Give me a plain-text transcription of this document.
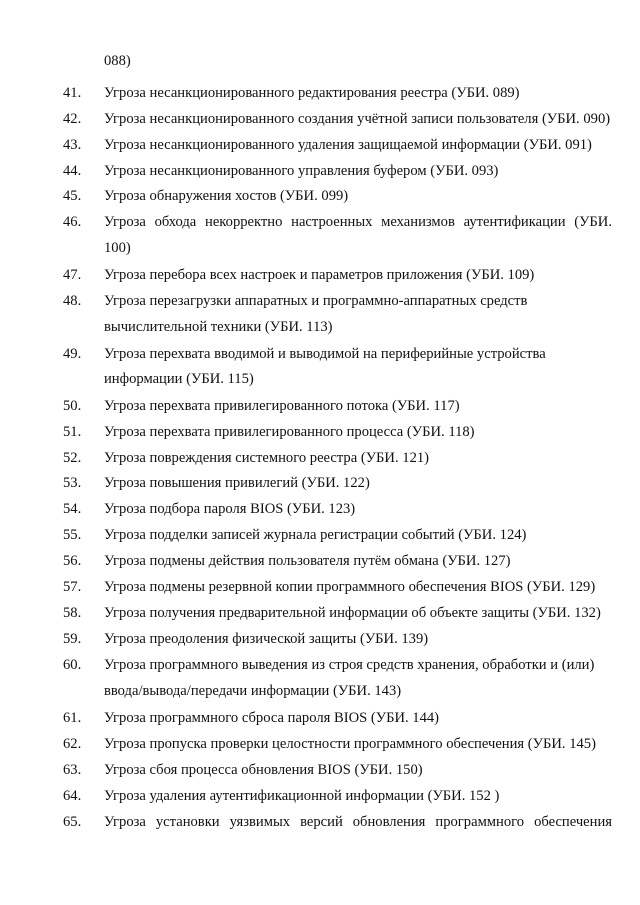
088)
41. Угроза несанкционированного редактирования реестра (УБИ. 089)
42. Угроза несанкционированного создания учётной записи пользователя (УБИ. 090)
43. Угроза несанкционированного удаления защищаемой информации (УБИ. 091)
44. Угроза несанкционированного управления буфером (УБИ. 093)
45. Угроза обнаружения хостов (УБИ. 099)
46. Угроза обхода некорректно настроенных механизмов аутентификации (УБИ.
100)
47. Угроза перебора всех настроек и параметров приложения (УБИ. 109)
48. Угроза перезагрузки аппаратных и программно-аппаратных средств
вычислительной техники (УБИ. 113)
49. Угроза перехвата вводимой и выводимой на периферийные устройства
информации (УБИ. 115)
50. Угроза перехвата привилегированного потока (УБИ. 117)
51. Угроза перехвата привилегированного процесса (УБИ. 118)
52. Угроза повреждения системного реестра (УБИ. 121)
53. Угроза повышения привилегий (УБИ. 122)
54. Угроза подбора пароля BIOS (УБИ. 123)
55. Угроза подделки записей журнала регистрации событий (УБИ. 124)
56. Угроза подмены действия пользователя путём обмана (УБИ. 127)
57. Угроза подмены резервной копии программного обеспечения BIOS (УБИ. 129)
58. Угроза получения предварительной информации об объекте защиты (УБИ. 132)
59. Угроза преодоления физической защиты (УБИ. 139)
60. Угроза программного выведения из строя средств хранения, обработки и (или)
ввода/вывода/передачи информации (УБИ. 143)
61. Угроза программного сброса пароля BIOS (УБИ. 144)
62. Угроза пропуска проверки целостности программного обеспечения (УБИ. 145)
63. Угроза сбоя процесса обновления BIOS (УБИ. 150)
64. Угроза удаления аутентификационной информации (УБИ. 152 )
65. Угроза установки уязвимых версий обновления программного обеспечения
